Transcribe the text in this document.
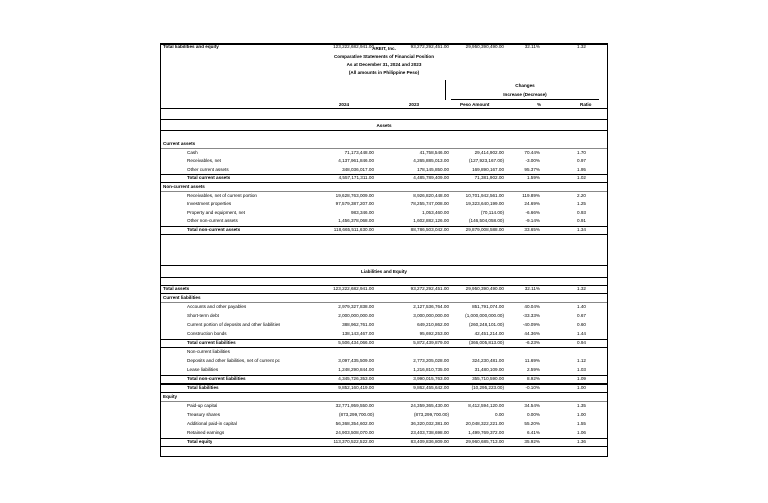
AREIT, Inc.
Comparative Statements of Financial Position
As at December 31, 2024 and 2023
(All amounts in Philippine Peso)
Changes
Increase (Decrease)
2024	2023	Peso Amount	%	Ratio
Assets
Liabilities and Equity
Current assets
Cash	71,173,448.00	41,758,546.00	29,414,902.00	70.44%	1.70
Receivables, net	4,137,961,846.00	4,265,885,013.00	(127,923,167.00)	-3.00%	0.97
Other current assets	348,036,017.00	178,145,850.00	169,890,167.00	95.37%	1.95
Total current assets	4,557,171,311.00	4,485,789,409.00	71,381,902.00	1.59%	1.02
Non-current assets
Receivables, net of current portion	19,628,763,009.00	8,926,820,448.00	10,701,942,561.00	119.89%	2.20
Investment properties	97,579,387,207.00	78,255,747,008.00	19,323,640,199.00	24.69%	1.25
Property and equipment, net	983,346.00	1,053,460.00	(70,114.00)	-6.66%	0.93
Other non-current assets	1,456,378,068.00	1,602,882,126.00	(146,504,058.00)	-9.14%	0.91
Total non-current assets	118,665,511,630.00	88,786,503,042.00	29,879,008,588.00	33.65%	1.34
Total assets	123,222,682,941.00	93,272,292,451.00	29,950,390,490.00	32.11%	1.32
Current liabilities
Accounts and other payables	2,979,327,838.00	2,127,536,764.00	851,791,074.00	40.04%	1.40
Short-term debt	2,000,000,000.00	3,000,000,000.00	(1,000,000,000.00)	-33.33%	0.67
Current portion of deposits and other liabilities	388,962,761.00	649,210,862.00	(260,248,101.00)	-40.09%	0.60
Construction bonds	138,143,467.00	95,692,253.00	42,451,214.00	44.36%	1.44
Total current liabilities	5,506,434,066.00	5,872,439,879.00	(366,005,813.00)	-6.23%	0.94
Non-current liabilities
Deposits and other liabilities, net of current pc	3,097,435,509.00	2,773,205,028.00	324,230,481.00	11.69%	1.12
Lease liabilities	1,248,290,844.00	1,216,810,735.00	31,480,109.00	2.59%	1.03
Total non-current liabilities	4,345,726,353.00	3,990,015,763.00	355,710,590.00	8.92%	1.09
Total liabilities	9,852,160,419.00	9,862,455,642.00	(10,295,223.00)	-0.10%	1.00
Equity
Paid-up capital	32,771,959,550.00	24,359,365,430.00	8,412,594,120.00	34.54%	1.35
Treasury shares	(873,299,700.00)	(873,299,700.00)	0.00	0.00%	1.00
Additional paid-in capital	56,368,354,602.00	36,320,032,381.00	20,048,322,221.00	55.20%	1.55
Retained earnings	24,903,508,070.00	23,403,738,698.00	1,499,769,372.00	6.41%	1.06
Total equity	113,370,522,522.00	83,409,836,809.00	29,960,685,713.00	35.92%	1.36
Total liabilities and equity	123,222,682,941.00	93,272,292,451.00	29,950,390,490.00	32.11%	1.32
